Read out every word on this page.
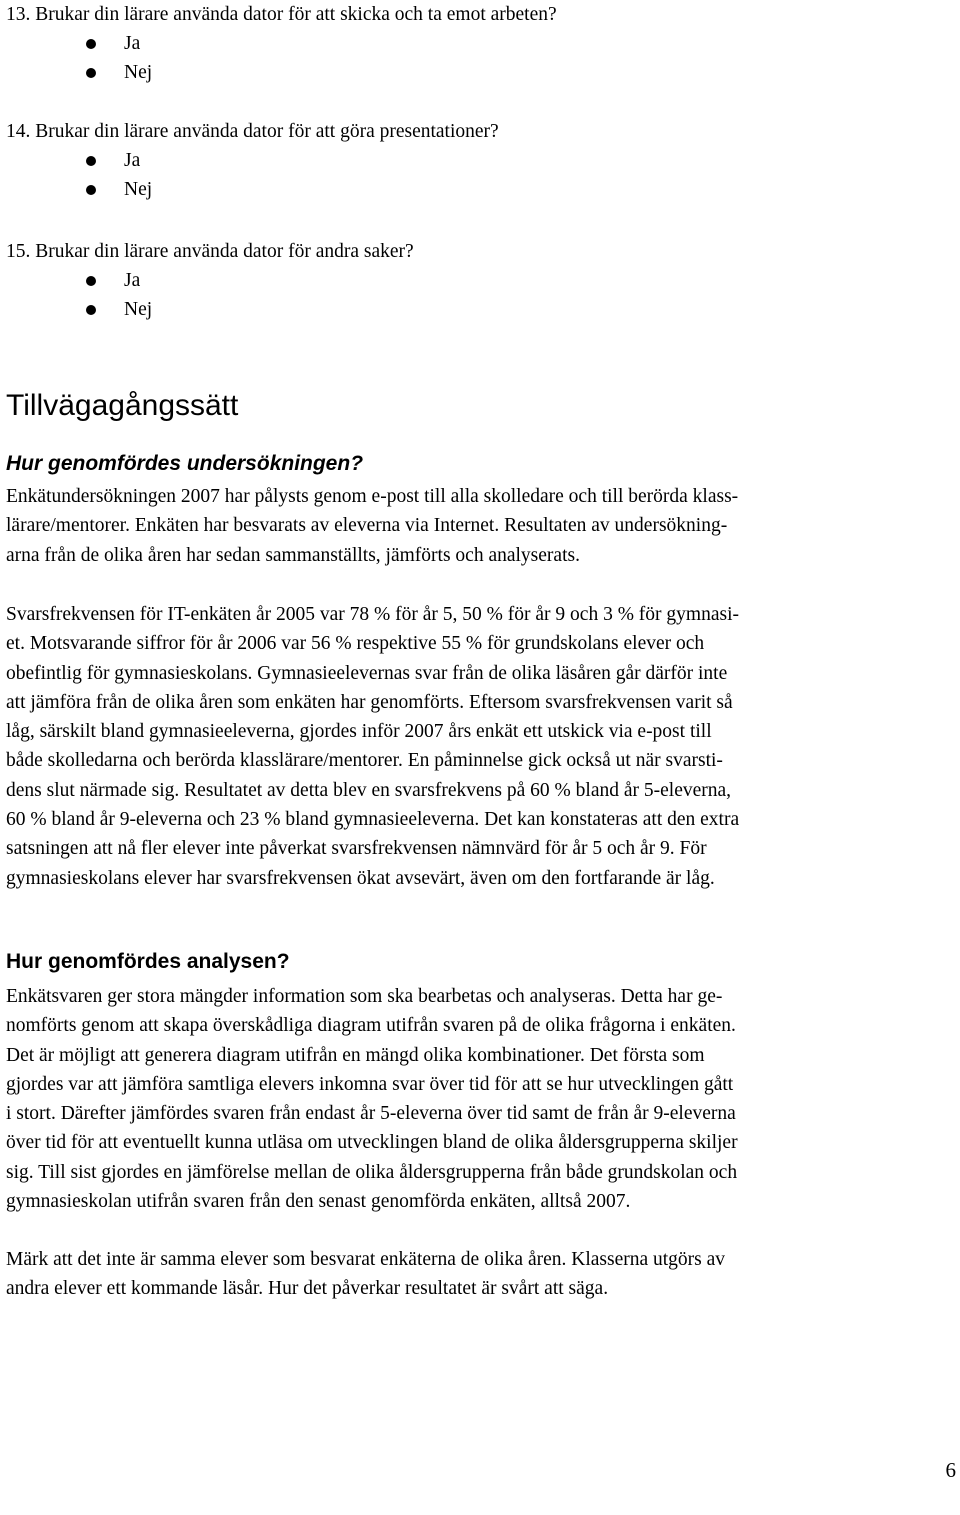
13. Brukar din lärare använda dator för att skicka och ta emot arbeten?

Ja
Nej

14. Brukar din lärare använda dator för att göra presentationer?

Ja
Nej

15. Brukar din lärare använda dator för andra saker?

Ja
Nej
Tillvägagångssätt
Hur genomfördes undersökningen?

Enkätundersökningen 2007 har pålysts genom e-post till alla skolledare och till berörda klass-

lärare/mentorer. Enkäten har besvarats av eleverna via Internet. Resultaten av undersökning-

arna från de olika åren har sedan sammanställts, jämförts och analyserats.

Svarsfrekvensen för IT-enkäten år 2005 var 78 % för år 5, 50 % för år 9 och 3 % för gymnasi-

et. Motsvarande siffror för år 2006 var 56 % respektive 55 % för grundskolans elever och

obefintlig för gymnasieskolans. Gymnasieelevernas svar från de olika läsåren går därför inte

att jämföra från de olika åren som enkäten har genomförts. Eftersom svarsfrekvensen varit så

låg, särskilt bland gymnasieeleverna, gjordes inför 2007 års enkät ett utskick via e-post till

både skolledarna och berörda klasslärare/mentorer. En påminnelse gick också ut när svarsti-

dens slut närmade sig. Resultatet av detta blev en svarsfrekvens på 60 % bland år 5-eleverna,

60 % bland år 9-eleverna och 23 % bland gymnasieeleverna. Det kan konstateras att den extra

satsningen att nå fler elever inte påverkat svarsfrekvensen nämnvärd för år 5 och år 9. För

gymnasieskolans elever har svarsfrekvensen ökat avsevärt, även om den fortfarande är låg.

Hur genomfördes analysen?

Enkätsvaren ger stora mängder information som ska bearbetas och analyseras. Detta har ge-

nomförts genom att skapa överskådliga diagram utifrån svaren på de olika frågorna i enkäten.

Det är möjligt att generera diagram utifrån en mängd olika kombinationer. Det första som

gjordes var att jämföra samtliga elevers inkomna svar över tid för att se hur utvecklingen gått

i stort. Därefter jämfördes svaren från endast år 5-eleverna över tid samt de från år 9-eleverna

över tid för att eventuellt kunna utläsa om utvecklingen bland de olika åldersgrupperna skiljer

sig. Till sist gjordes en jämförelse mellan de olika åldersgrupperna från både grundskolan och

gymnasieskolan utifrån svaren från den senast genomförda enkäten, alltså 2007.

Märk att det inte är samma elever som besvarat enkäterna de olika åren. Klasserna utgörs av

andra elever ett kommande läsår. Hur det påverkar resultatet är svårt att säga.

6
